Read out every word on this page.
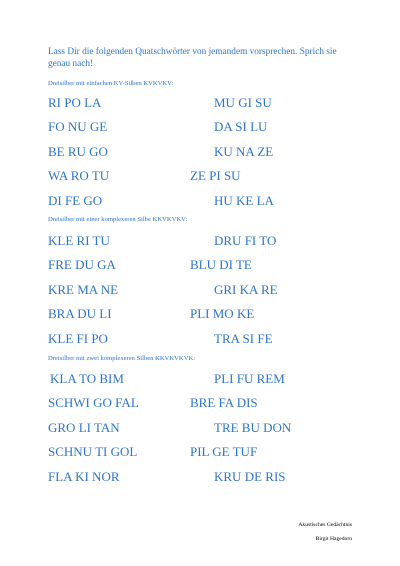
Lass Dir die folgenden Quatschwörter von jemandem vorsprechen. Sprich sie genau nach!
Dreisilber mit einfachen KV-Silben KVKVKV:
RI PO LA	MU GI SU
FO NU GE	DA SI LU
BE RU GO	KU NA ZE
WA RO TU	ZE PI SU
DI FE GO	HU KE LA
Dreisilber mit einer komplexeren Silbe KKVKVKV:
KLE RI TU	DRU FI TO
FRE DU GA	BLU DI TE
KRE MA NE	GRI KA RE
BRA DU LI	PLI MO KE
KLE FI PO	TRA SI FE
Dreisilber mit zwei komplexeren Silben KKVKVKVK:
KLA TO BIM	PLI FU REM
SCHWI GO FAL	BRE FA DIS
GRO LI TAN	TRE BU DON
SCHNU TI GOL	PIL GE TUF
FLA KI NOR	KRU DE RIS
Akustisches Gedächtnis
Birgit Hagedorn
